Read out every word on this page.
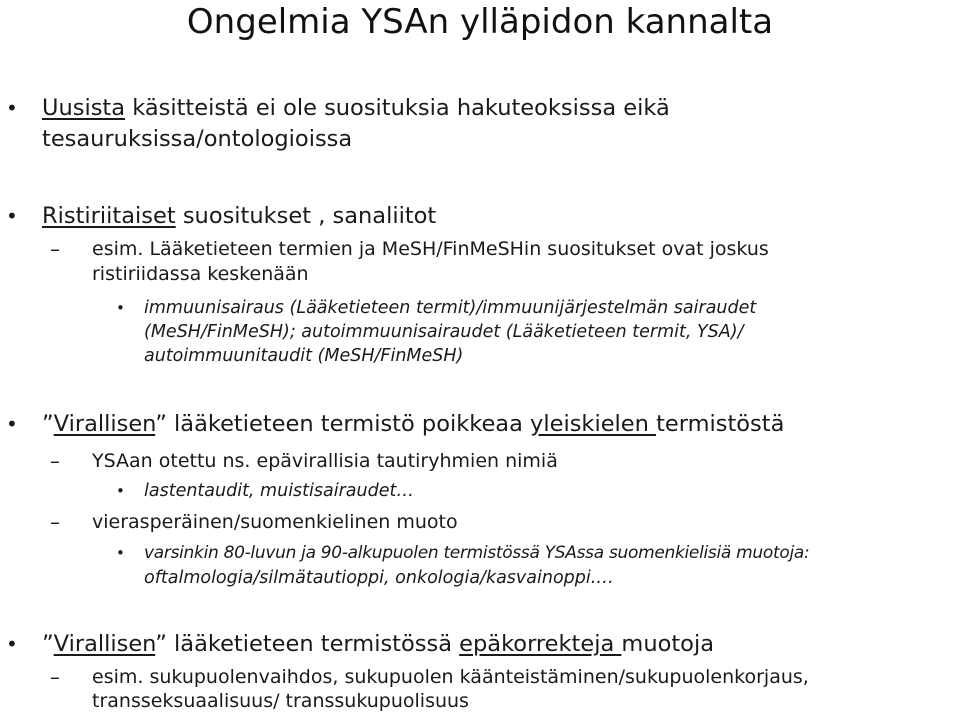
Ongelmia YSAn ylläpidon kannalta
• Uusista käsitteistä ei ole suosituksia hakuteoksissa eikä
tesauruksissa/ontologioissa
• Ristiriitaiset suositukset , sanaliitot
– esim. Lääketieteen termien ja MeSH/FinMeSHin suositukset ovat joskus
ristiriidassa keskenään
• immuunisairaus (Lääketieteen termit)/immuunijärjestelmän sairaudet
(MeSH/FinMeSH); autoimmuunisairaudet (Lääketieteen termit, YSA)/
autoimmuunitaudit (MeSH/FinMeSH)
• ”Virallisen” lääketieteen termistö poikkeaa yleiskielen termistöstä
– YSAan otettu ns. epävirallisia tautiryhmien nimiä
• lastentaudit, muistisairaudet…
– vierasperäinen/suomenkielinen muoto
• varsinkin 80-luvun ja 90-alkupuolen termistössä YSAssa suomenkielisiä muotoja:
oftalmologia/silmätautioppi, onkologia/kasvainoppi.…
• ”Virallisen” lääketieteen termistössä epäkorrekteja muotoja
– esim. sukupuolenvaihdos, sukupuolen käänteistäminen/sukupuolenkorjaus,
transseksuaalisuus/ transsukupuolisuus
